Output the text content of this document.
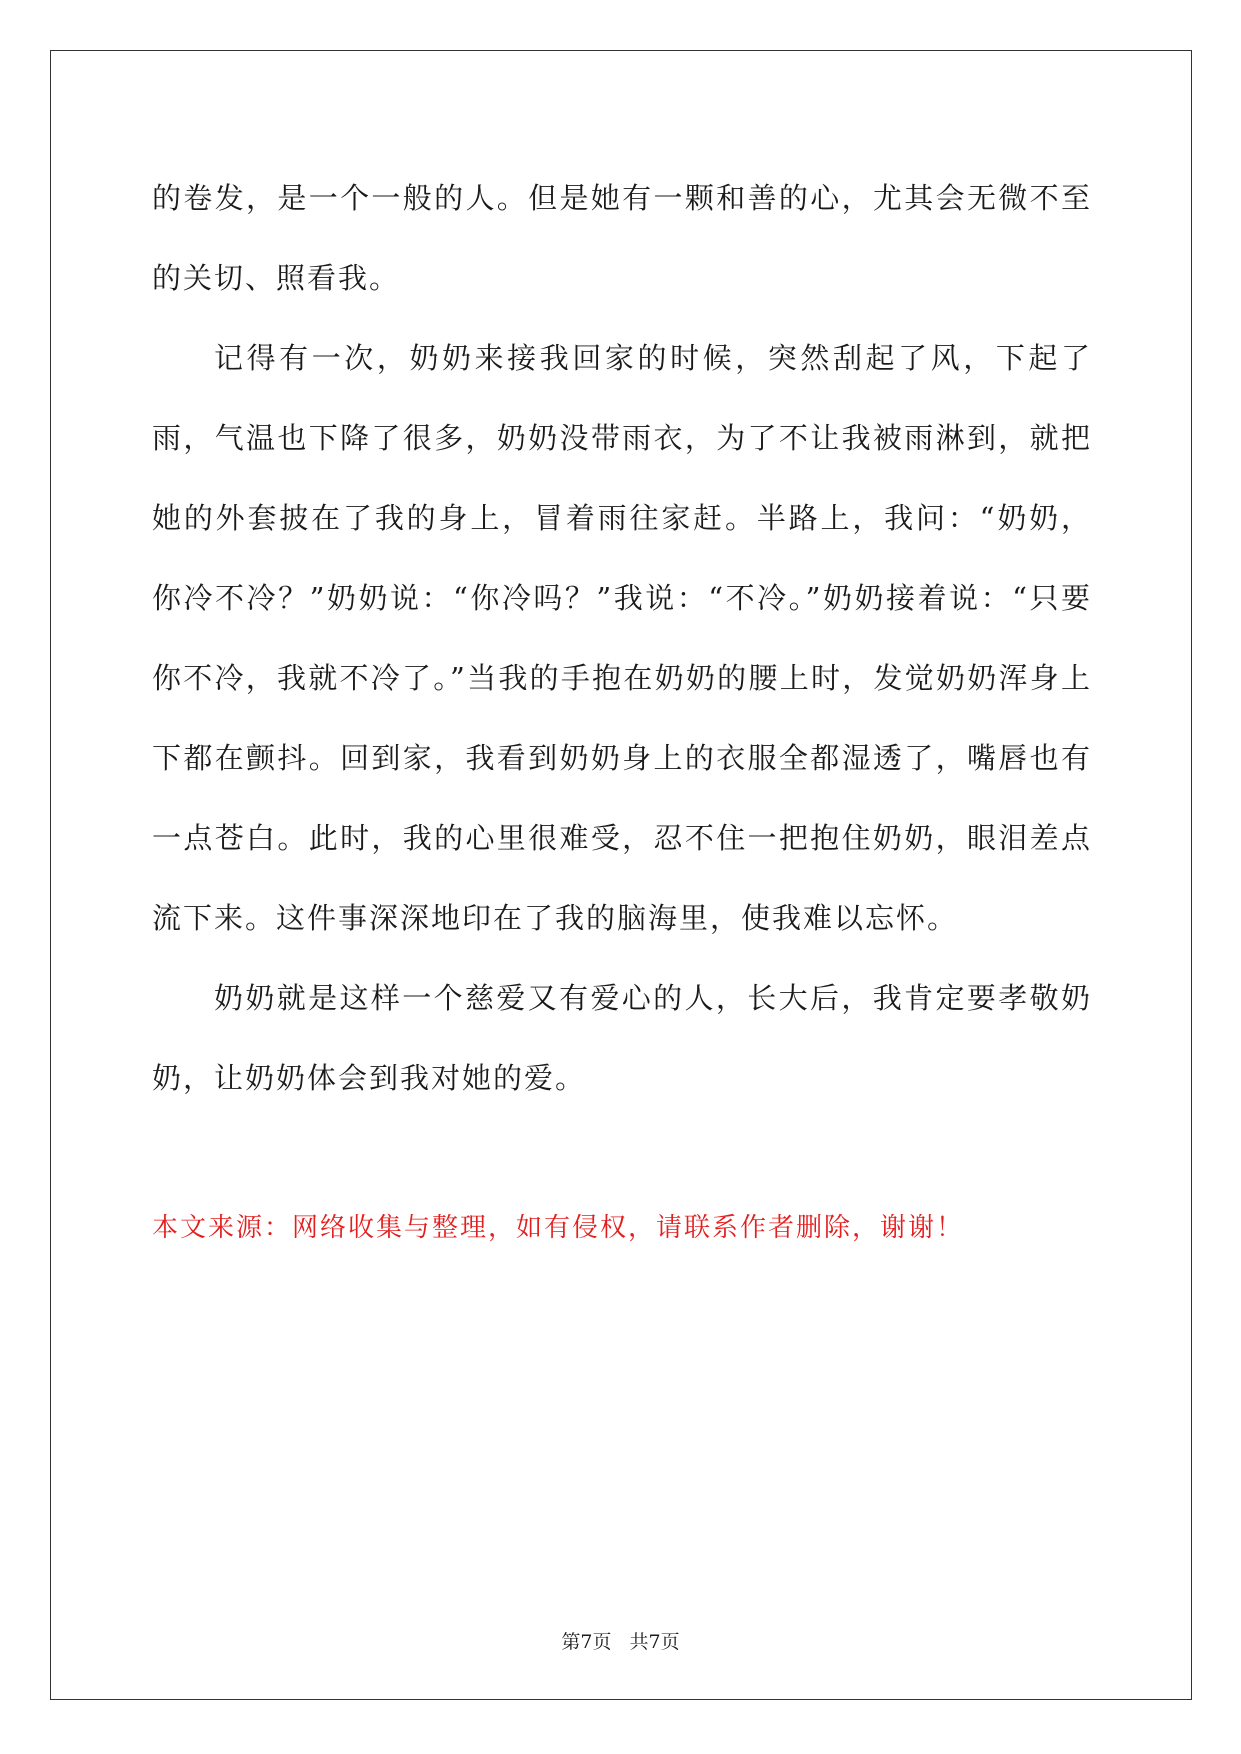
的卷发，是一个一般的人。但是她有一颗和善的心，尤其会无微不至的关切、照看我。

记得有一次，奶奶来接我回家的时候，突然刮起了风，下起了雨，气温也下降了很多，奶奶没带雨衣，为了不让我被雨淋到，就把她的外套披在了我的身上，冒着雨往家赶。半路上，我问：“奶奶，你冷不冷？”奶奶说：“你冷吗？”我说：“不冷。”奶奶接着说：“只要你不冷，我就不冷了。”当我的手抱在奶奶的腰上时，发觉奶奶浑身上下都在颤抖。回到家，我看到奶奶身上的衣服全都湿透了，嘴唇也有一点苍白。此时，我的心里很难受，忍不住一把抱住奶奶，眼泪差点流下来。这件事深深地印在了我的脑海里，使我难以忘怀。

奶奶就是这样一个慈爱又有爱心的人，长大后，我肯定要孝敬奶奶，让奶奶体会到我对她的爱。

本文来源：网络收集与整理，如有侵权，请联系作者删除，谢谢！
第7页 共7页
